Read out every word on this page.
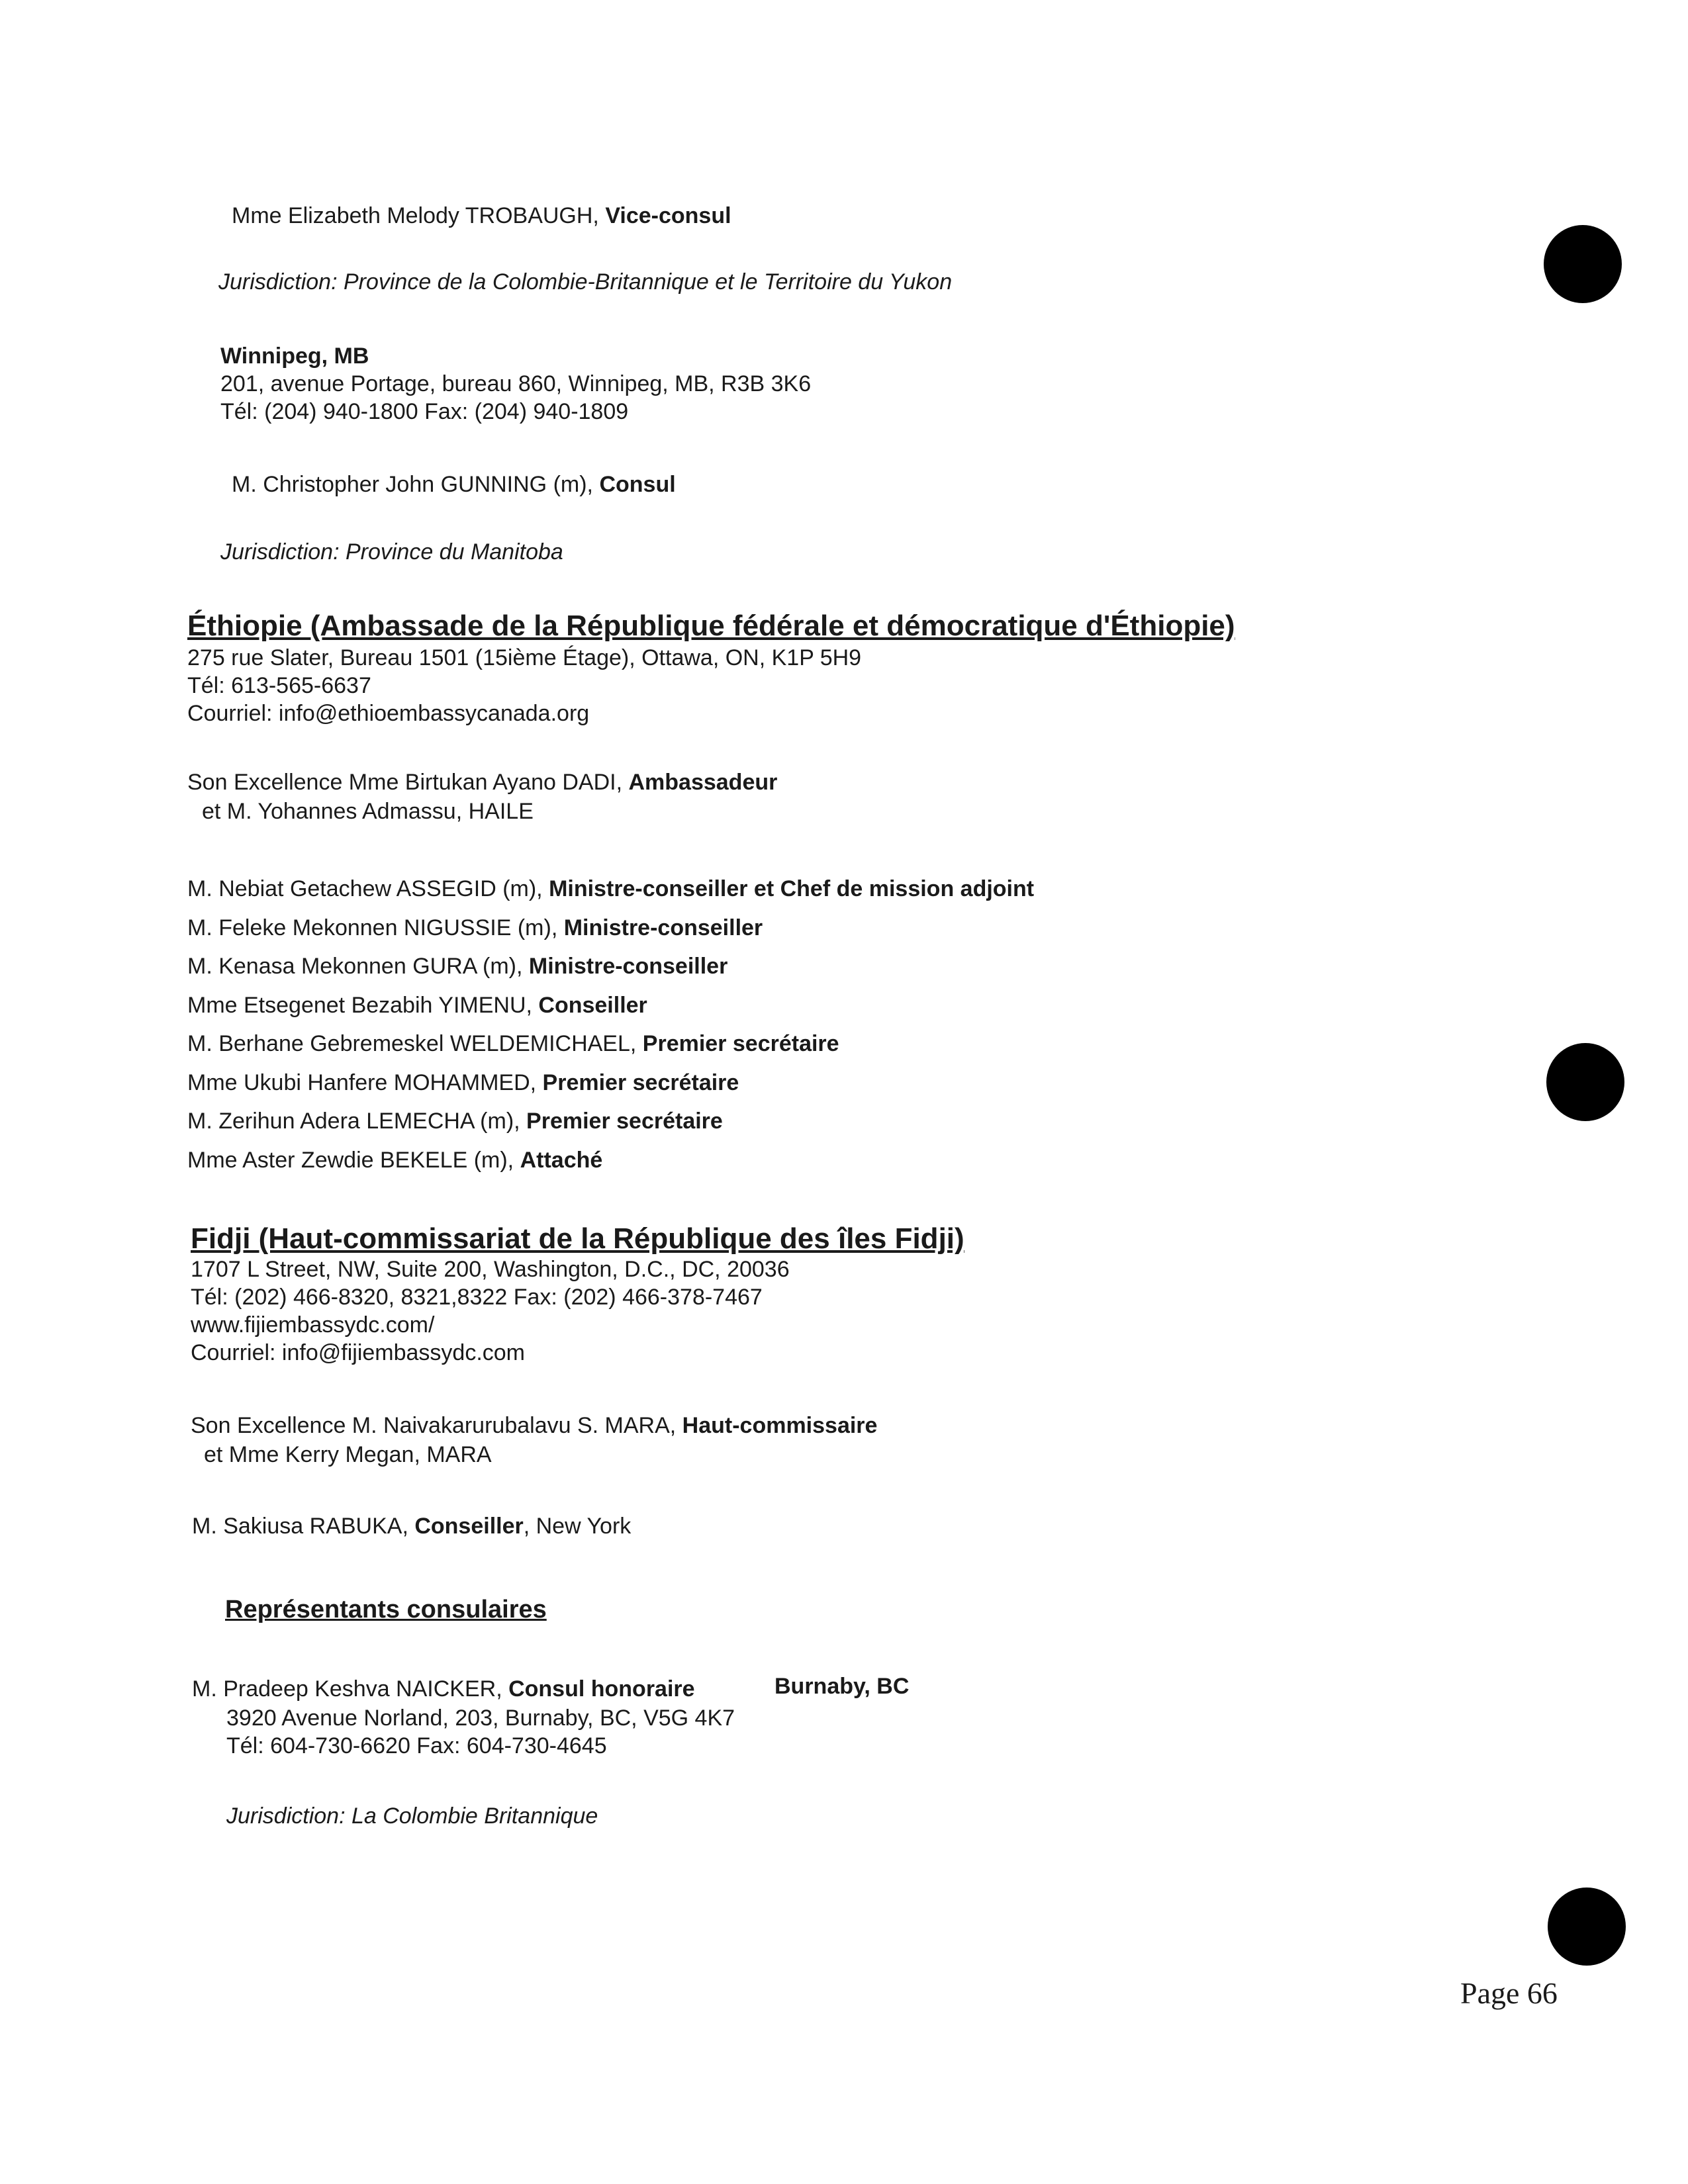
Mme Elizabeth Melody TROBAUGH, Vice-consul
Jurisdiction: Province de la Colombie-Britannique et le Territoire du Yukon
Winnipeg, MB
201, avenue Portage, bureau 860, Winnipeg, MB, R3B 3K6
Tél: (204) 940-1800 Fax: (204) 940-1809
M. Christopher John GUNNING (m), Consul
Jurisdiction: Province du Manitoba
Éthiopie (Ambassade de la République fédérale et démocratique d'Éthiopie)
275 rue Slater, Bureau 1501 (15ième Étage), Ottawa, ON, K1P 5H9
Tél: 613-565-6637
Courriel: info@ethioembassycanada.org
Son Excellence Mme Birtukan Ayano DADI, Ambassadeur
et M. Yohannes Admassu, HAILE
M. Nebiat Getachew ASSEGID (m), Ministre-conseiller et Chef de mission adjoint
M. Feleke Mekonnen NIGUSSIE (m), Ministre-conseiller
M. Kenasa Mekonnen GURA (m), Ministre-conseiller
Mme Etsegenet Bezabih YIMENU, Conseiller
M. Berhane Gebremeskel WELDEMICHAEL, Premier secrétaire
Mme Ukubi Hanfere MOHAMMED, Premier secrétaire
M. Zerihun Adera LEMECHA (m), Premier secrétaire
Mme Aster Zewdie BEKELE (m), Attaché
Fidji (Haut-commissariat de la République des îles Fidji)
1707 L Street, NW, Suite 200, Washington, D.C., DC, 20036
Tél: (202) 466-8320, 8321,8322 Fax: (202) 466-378-7467
www.fijiembassydc.com/
Courriel: info@fijiembassydc.com
Son Excellence M. Naivakarurubalavu S. MARA, Haut-commissaire
et Mme Kerry Megan, MARA
M. Sakiusa RABUKA, Conseiller, New York
Représentants consulaires
M. Pradeep Keshva NAICKER, Consul honoraire	Burnaby, BC
3920 Avenue Norland, 203, Burnaby, BC, V5G 4K7
Tél: 604-730-6620 Fax: 604-730-4645
Jurisdiction: La Colombie Britannique
Page 66
